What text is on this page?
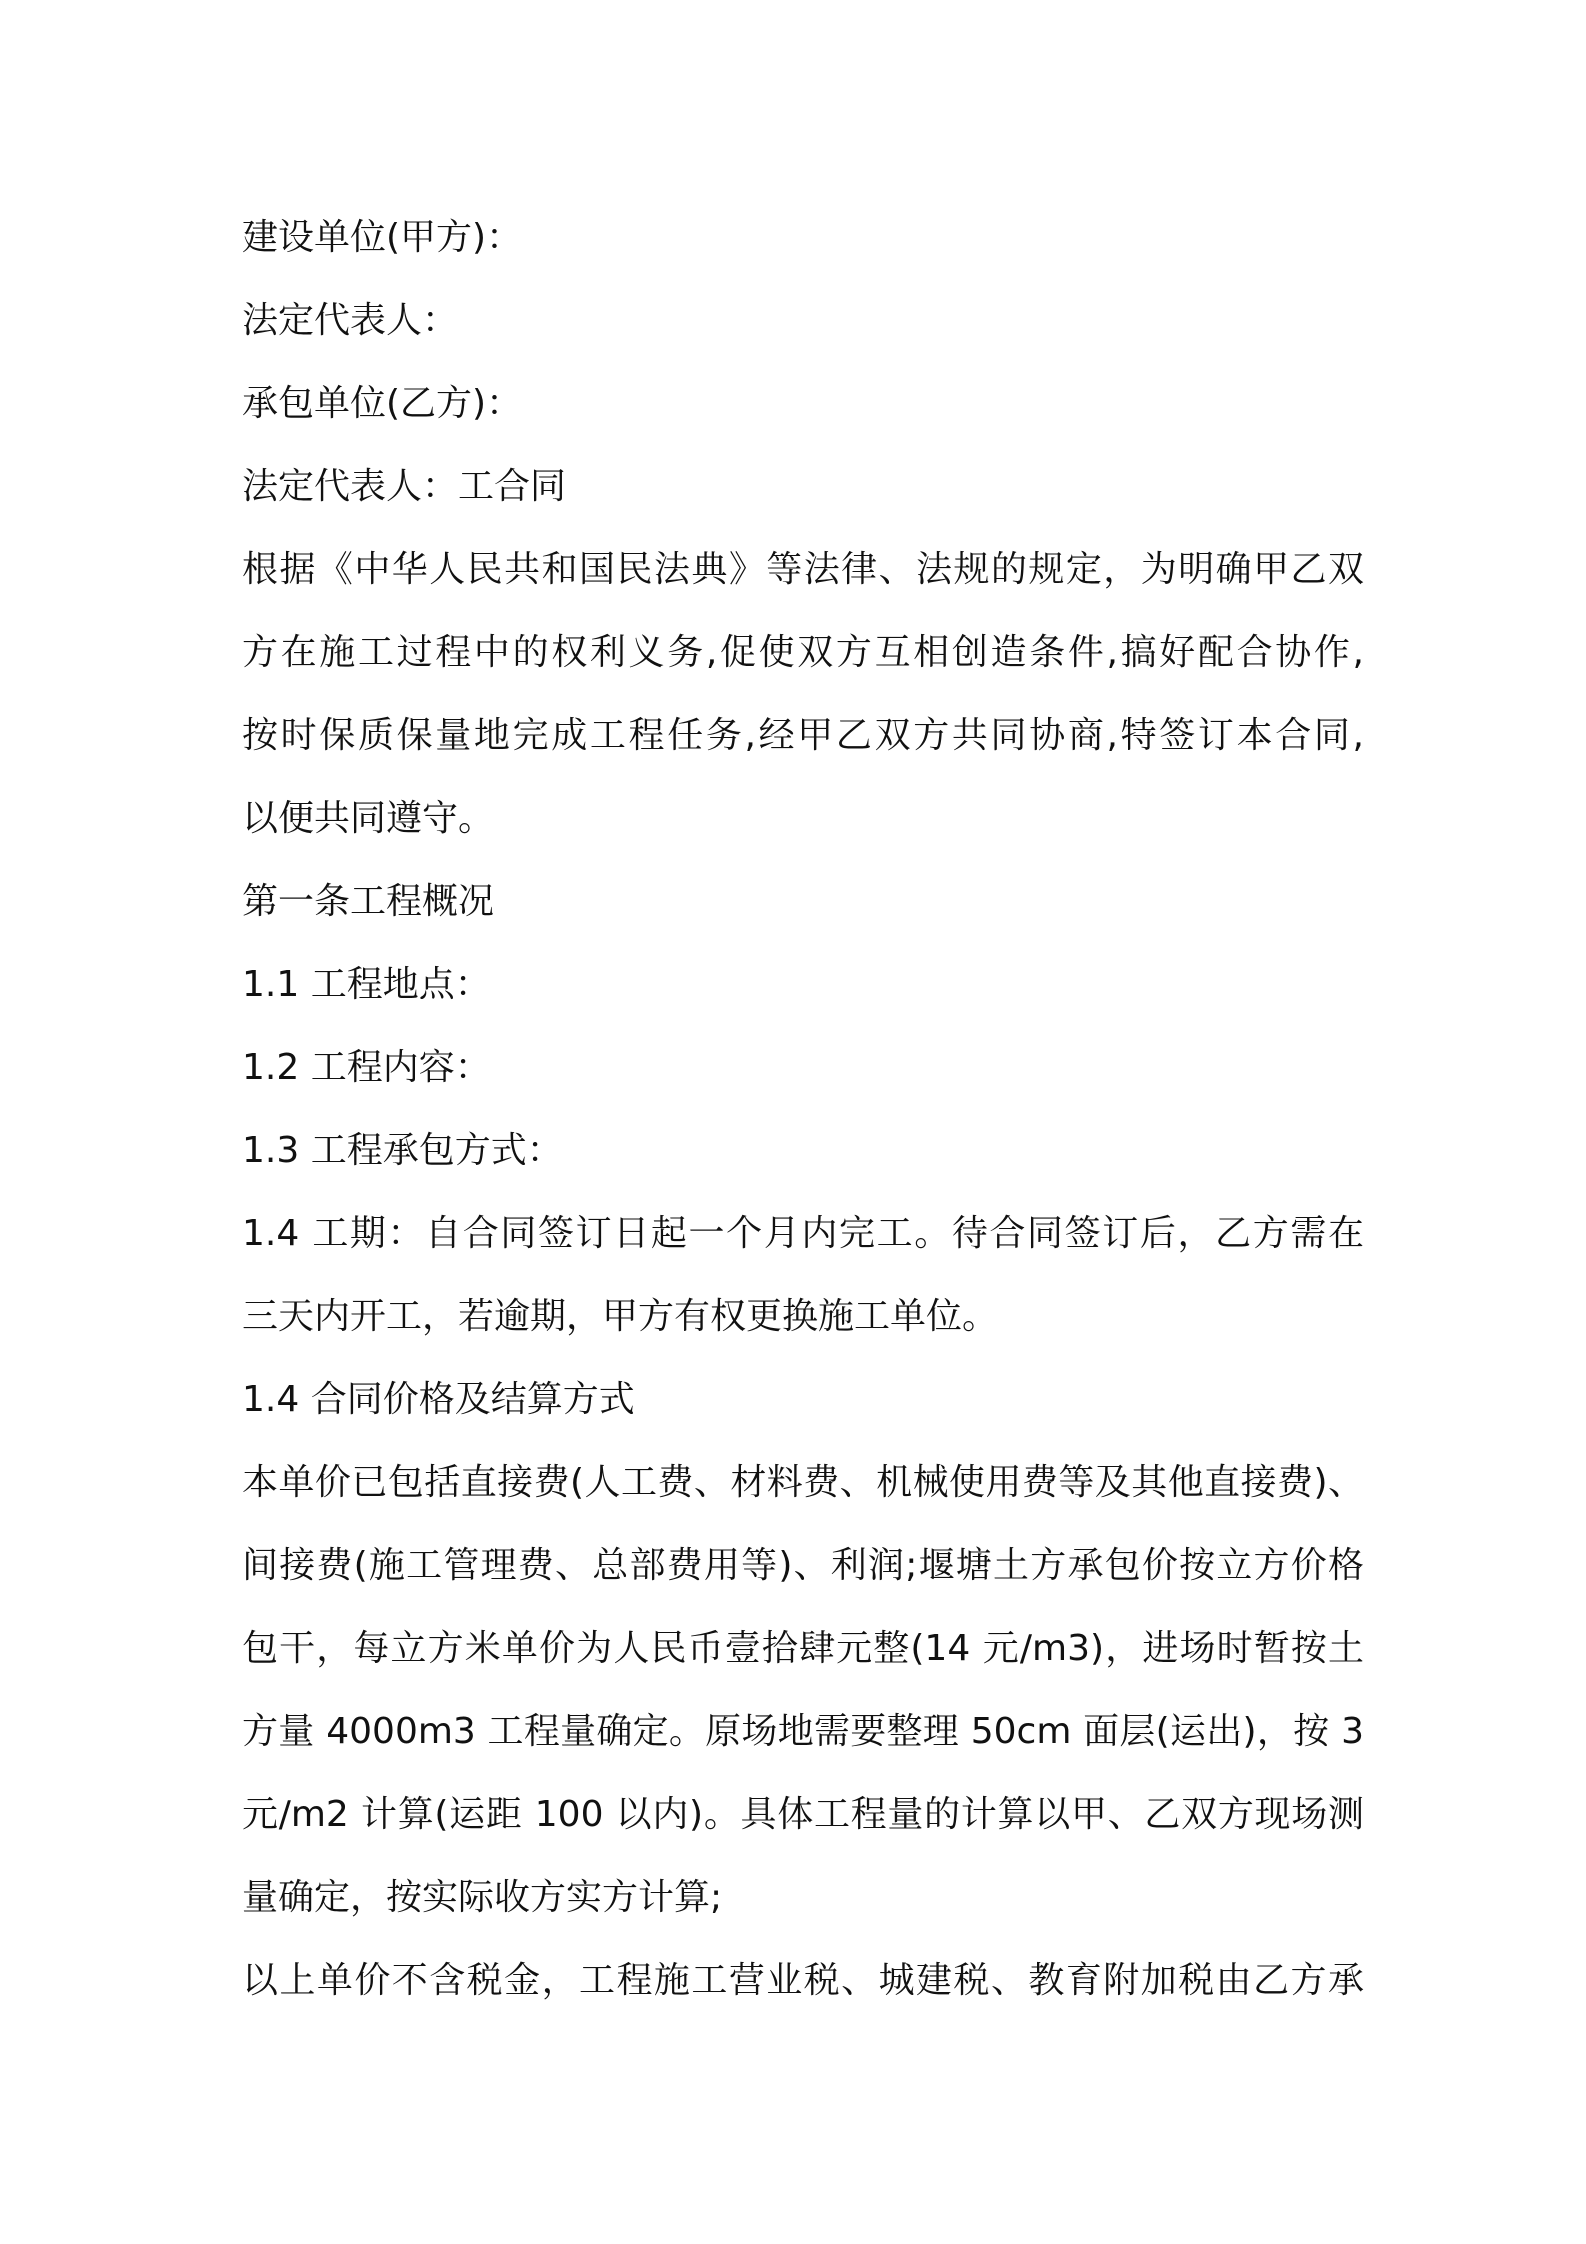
建设单位(甲方)：
法定代表人：
承包单位(乙方)：
法定代表人：工合同
根据《中华人民共和国民法典》等法律、法规的规定，为明确甲乙双
方在施工过程中的权利义务,促使双方互相创造条件,搞好配合协作,
按时保质保量地完成工程任务,经甲乙双方共同协商,特签订本合同,
以便共同遵守。
第一条工程概况
1.1 工程地点：
1.2 工程内容：
1.3 工程承包方式：
1.4 工期：自合同签订日起一个月内完工。待合同签订后，乙方需在
三天内开工，若逾期，甲方有权更换施工单位。
1.4 合同价格及结算方式
本单价已包括直接费(人工费、材料费、机械使用费等及其他直接费)、
间接费(施工管理费、总部费用等)、利润;堰塘土方承包价按立方价格
包干，每立方米单价为人民币壹拾肆元整(14 元/m3)，进场时暂按土
方量 4000m3 工程量确定。原场地需要整理 50cm 面层(运出)，按 3
元/m2 计算(运距 100 以内)。具体工程量的计算以甲、乙双方现场测
量确定，按实际收方实方计算;
以上单价不含税金，工程施工营业税、城建税、教育附加税由乙方承
